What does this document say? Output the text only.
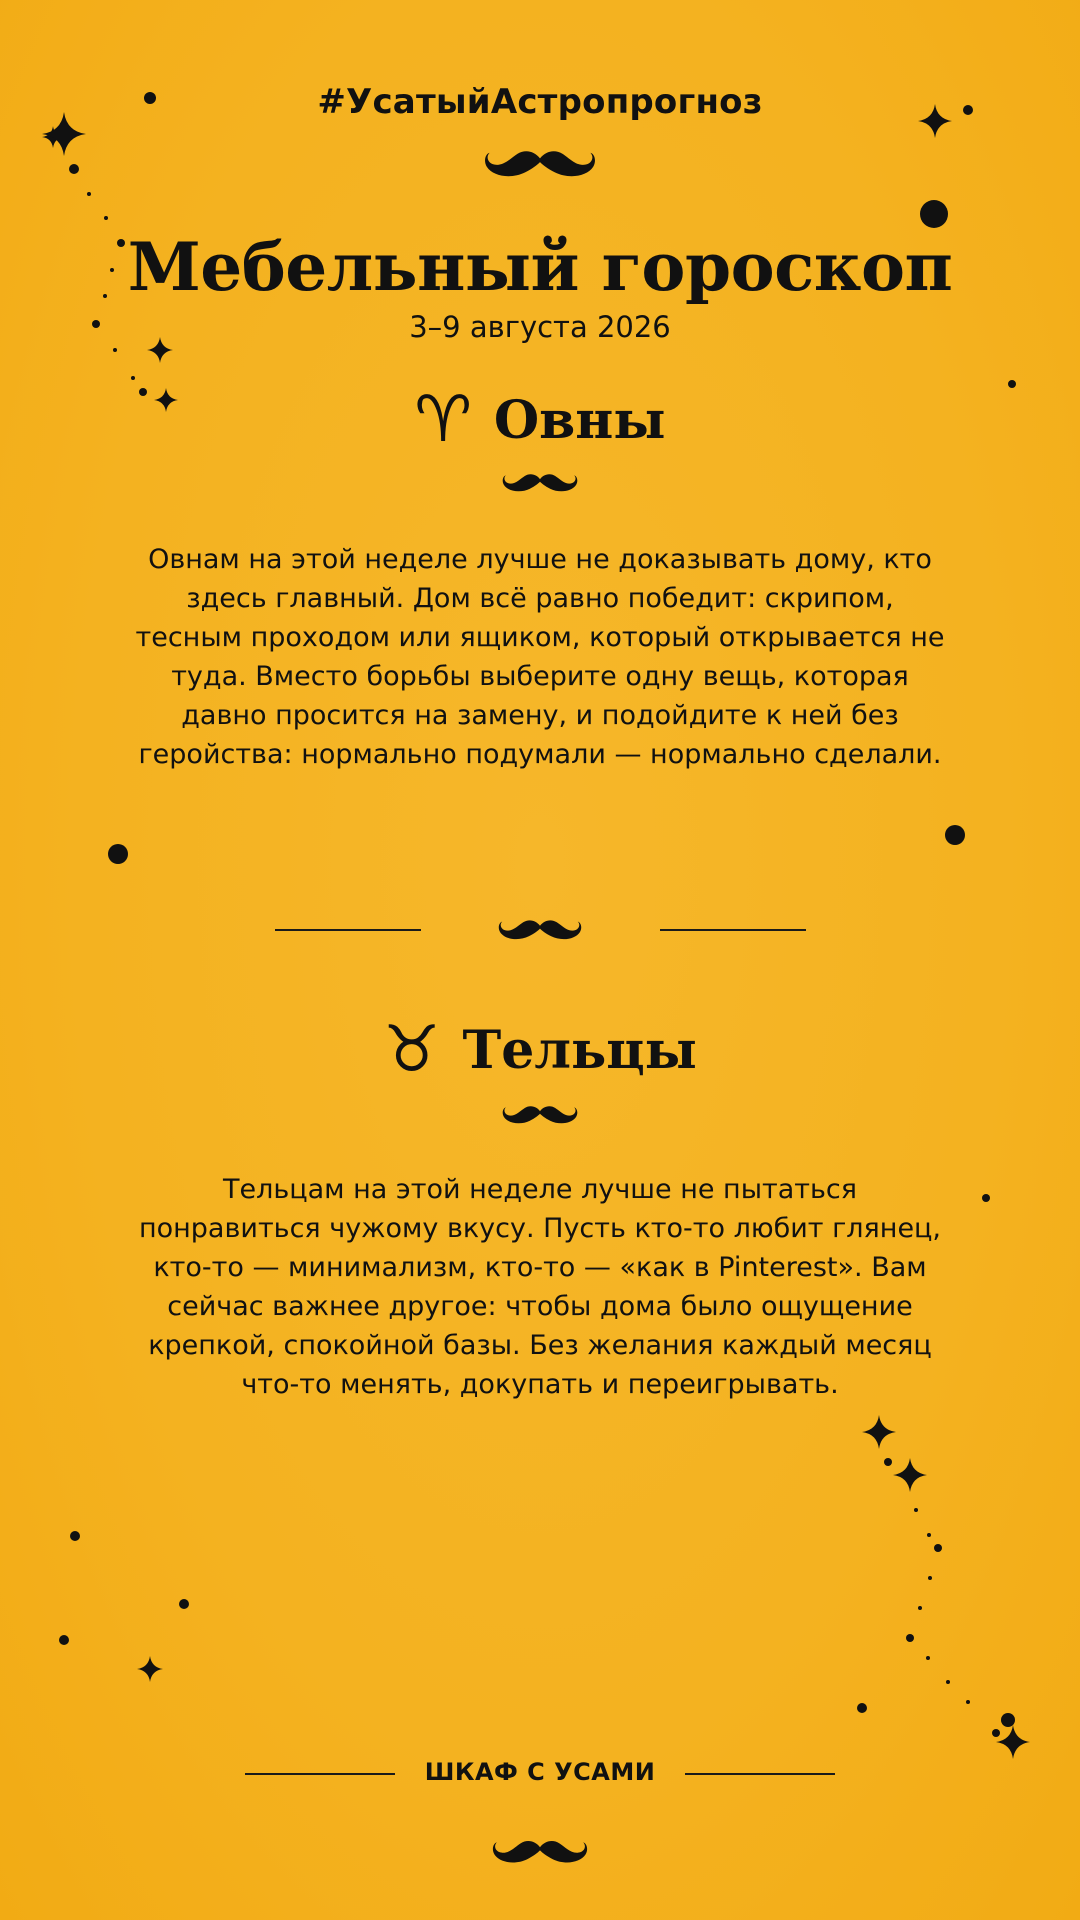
#УсатыйАстропрогноз
Мебельный гороскоп
3–9 августа 2026
♈ Овны
Овнам на этой неделе лучше не доказывать дому, кто здесь главный. Дом всё равно победит: скрипом, тесным проходом или ящиком, который открывается не туда. Вместо борьбы выберите одну вещь, которая давно просится на замену, и подойдите к ней без геройства: нормально подумали — нормально сделали.
♉ Тельцы
Тельцам на этой неделе лучше не пытаться понравиться чужому вкусу. Пусть кто-то любит глянец, кто-то — минимализм, кто-то — «как в Pinterest». Вам сейчас важнее другое: чтобы дома было ощущение крепкой, спокойной базы. Без желания каждый месяц что-то менять, докупать и переигрывать.
ШКАФ С УСАМИ
